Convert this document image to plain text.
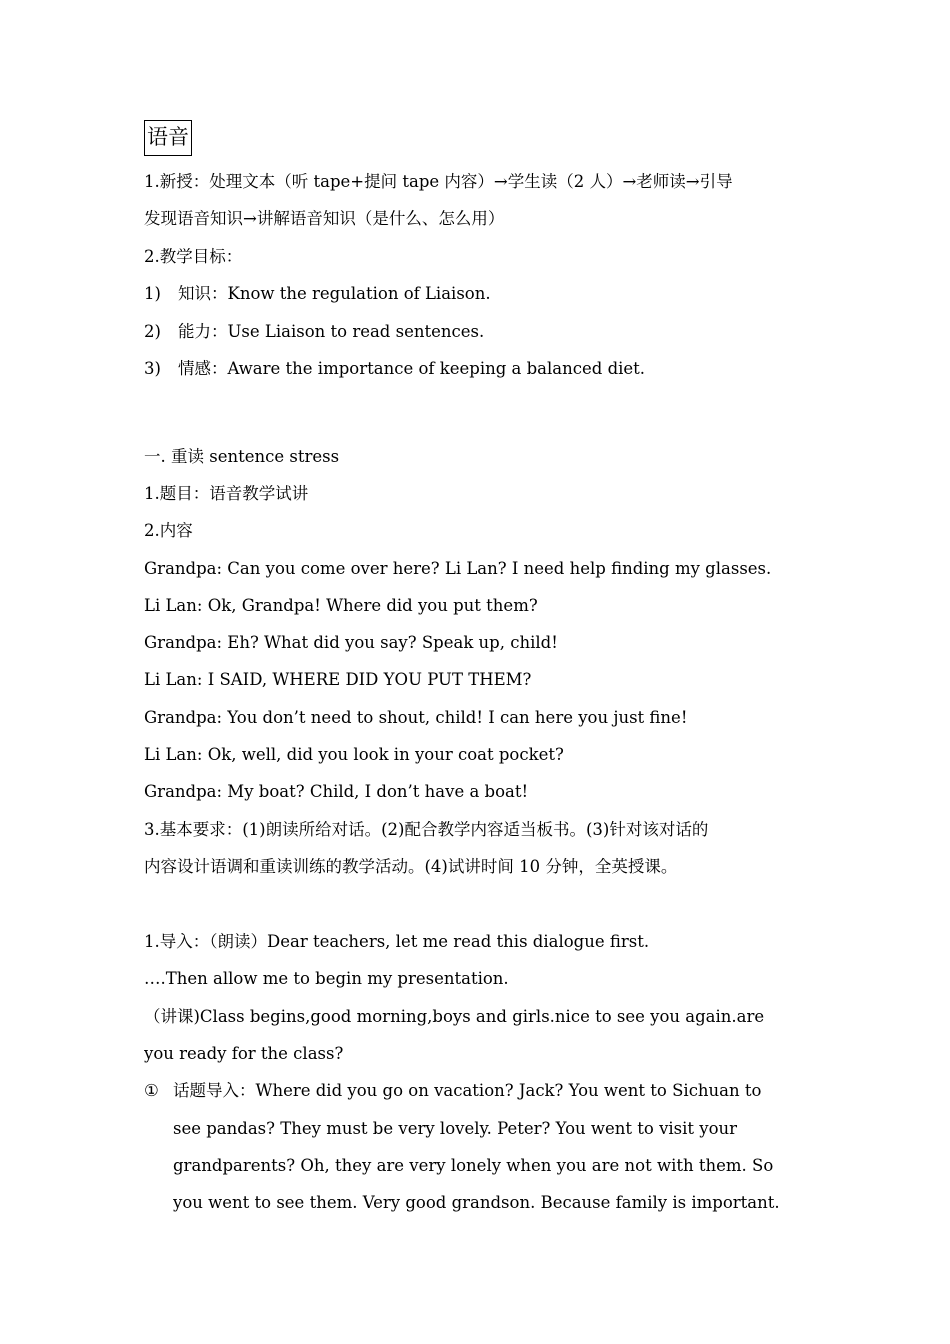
语音
1.新授：处理文本（听 tape+提问 tape 内容）→学生读（2 人）→老师读→引导
发现语音知识→讲解语音知识（是什么、怎么用）
2.教学目标：
1) 知识：Know the regulation of Liaison.
2) 能力：Use Liaison to read sentences.
3) 情感：Aware the importance of keeping a balanced diet.
一. 重读 sentence stress
1.题目：语音教学试讲
2.内容
Grandpa: Can you come over here? Li Lan? I need help finding my glasses.
Li Lan: Ok, Grandpa! Where did you put them?
Grandpa: Eh? What did you say? Speak up, child!
Li Lan: I SAID, WHERE DID YOU PUT THEM?
Grandpa: You don’t need to shout, child! I can here you just fine!
Li Lan: Ok, well, did you look in your coat pocket?
Grandpa: My boat? Child, I don’t have a boat!
3.基本要求：(1)朗读所给对话。(2)配合教学内容适当板书。(3)针对该对话的
内容设计语调和重读训练的教学活动。(4)试讲时间 10 分钟，全英授课。
1.导入：（朗读）Dear teachers, let me read this dialogue first.
….Then allow me to begin my presentation.
（讲课)Class begins,good morning,boys and girls.nice to see you again.are
you ready for the class?
① 话题导入：Where did you go on vacation? Jack? You went to Sichuan to
see pandas? They must be very lovely. Peter? You went to visit your
grandparents? Oh, they are very lonely when you are not with them. So
you went to see them. Very good grandson. Because family is important.
